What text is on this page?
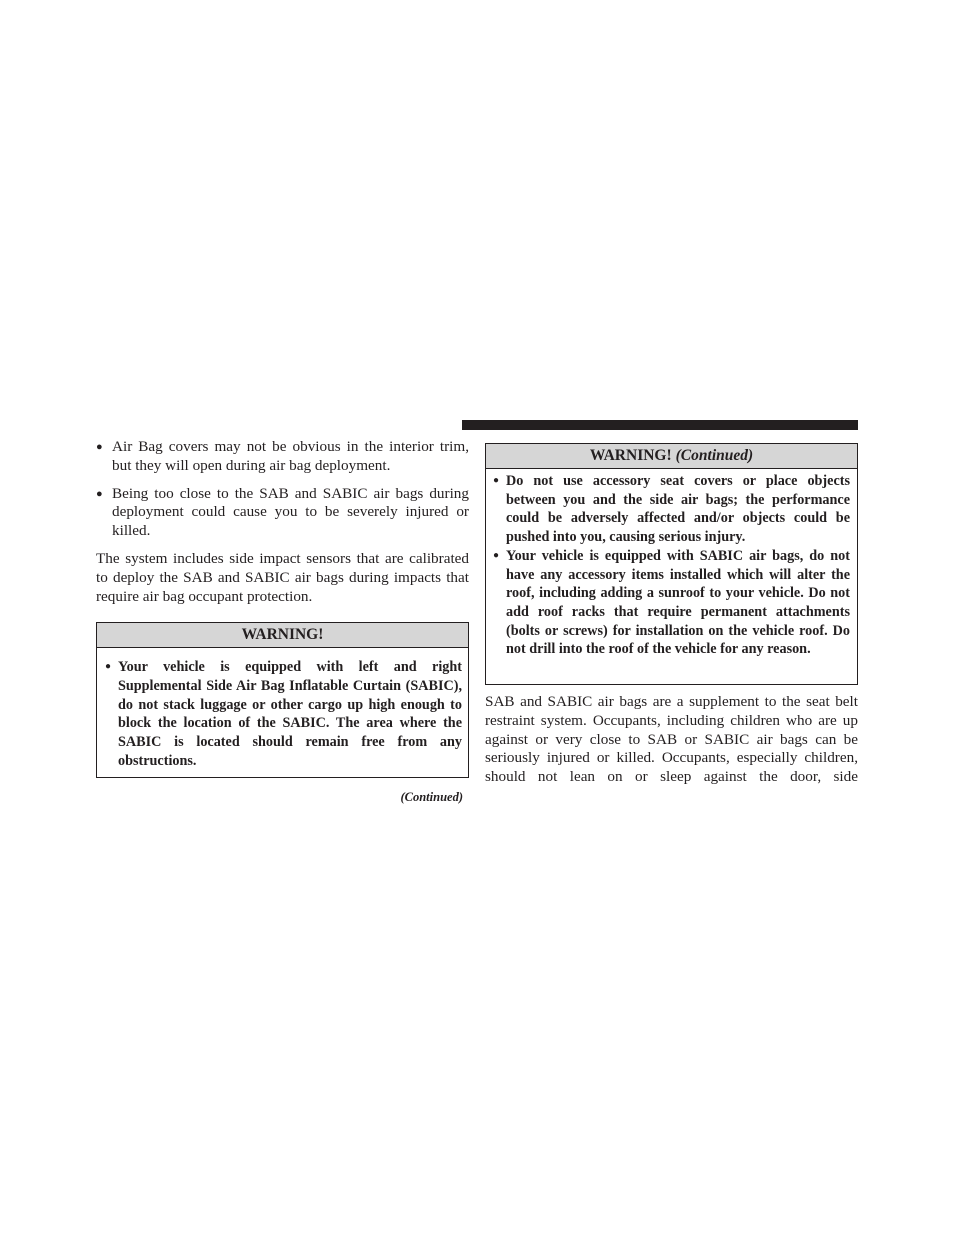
● Air Bag covers may not be obvious in the interior trim, but they will open during air bag deployment.
● Being too close to the SAB and SABIC air bags during deployment could cause you to be severely injured or killed.

The system includes side impact sensors that are calibrated to deploy the SAB and SABIC air bags during impacts that require air bag occupant protection.

WARNING!
● Your vehicle is equipped with left and right Supplemental Side Air Bag Inflatable Curtain (SABIC), do not stack luggage or other cargo up high enough to block the location of the SABIC. The area where the SABIC is located should remain free from any obstructions.
(Continued)
WARNING! (Continued)
● Do not use accessory seat covers or place objects between you and the side air bags; the performance could be adversely affected and/or objects could be pushed into you, causing serious injury.
● Your vehicle is equipped with SABIC air bags, do not have any accessory items installed which will alter the roof, including adding a sunroof to your vehicle. Do not add roof racks that require permanent attachments (bolts or screws) for installation on the vehicle roof. Do not drill into the roof of the vehicle for any reason.

SAB and SABIC air bags are a supplement to the seat belt restraint system. Occupants, including children who are up against or very close to SAB or SABIC air bags can be seriously injured or killed. Occupants, especially children, should not lean on or sleep against the door, side
